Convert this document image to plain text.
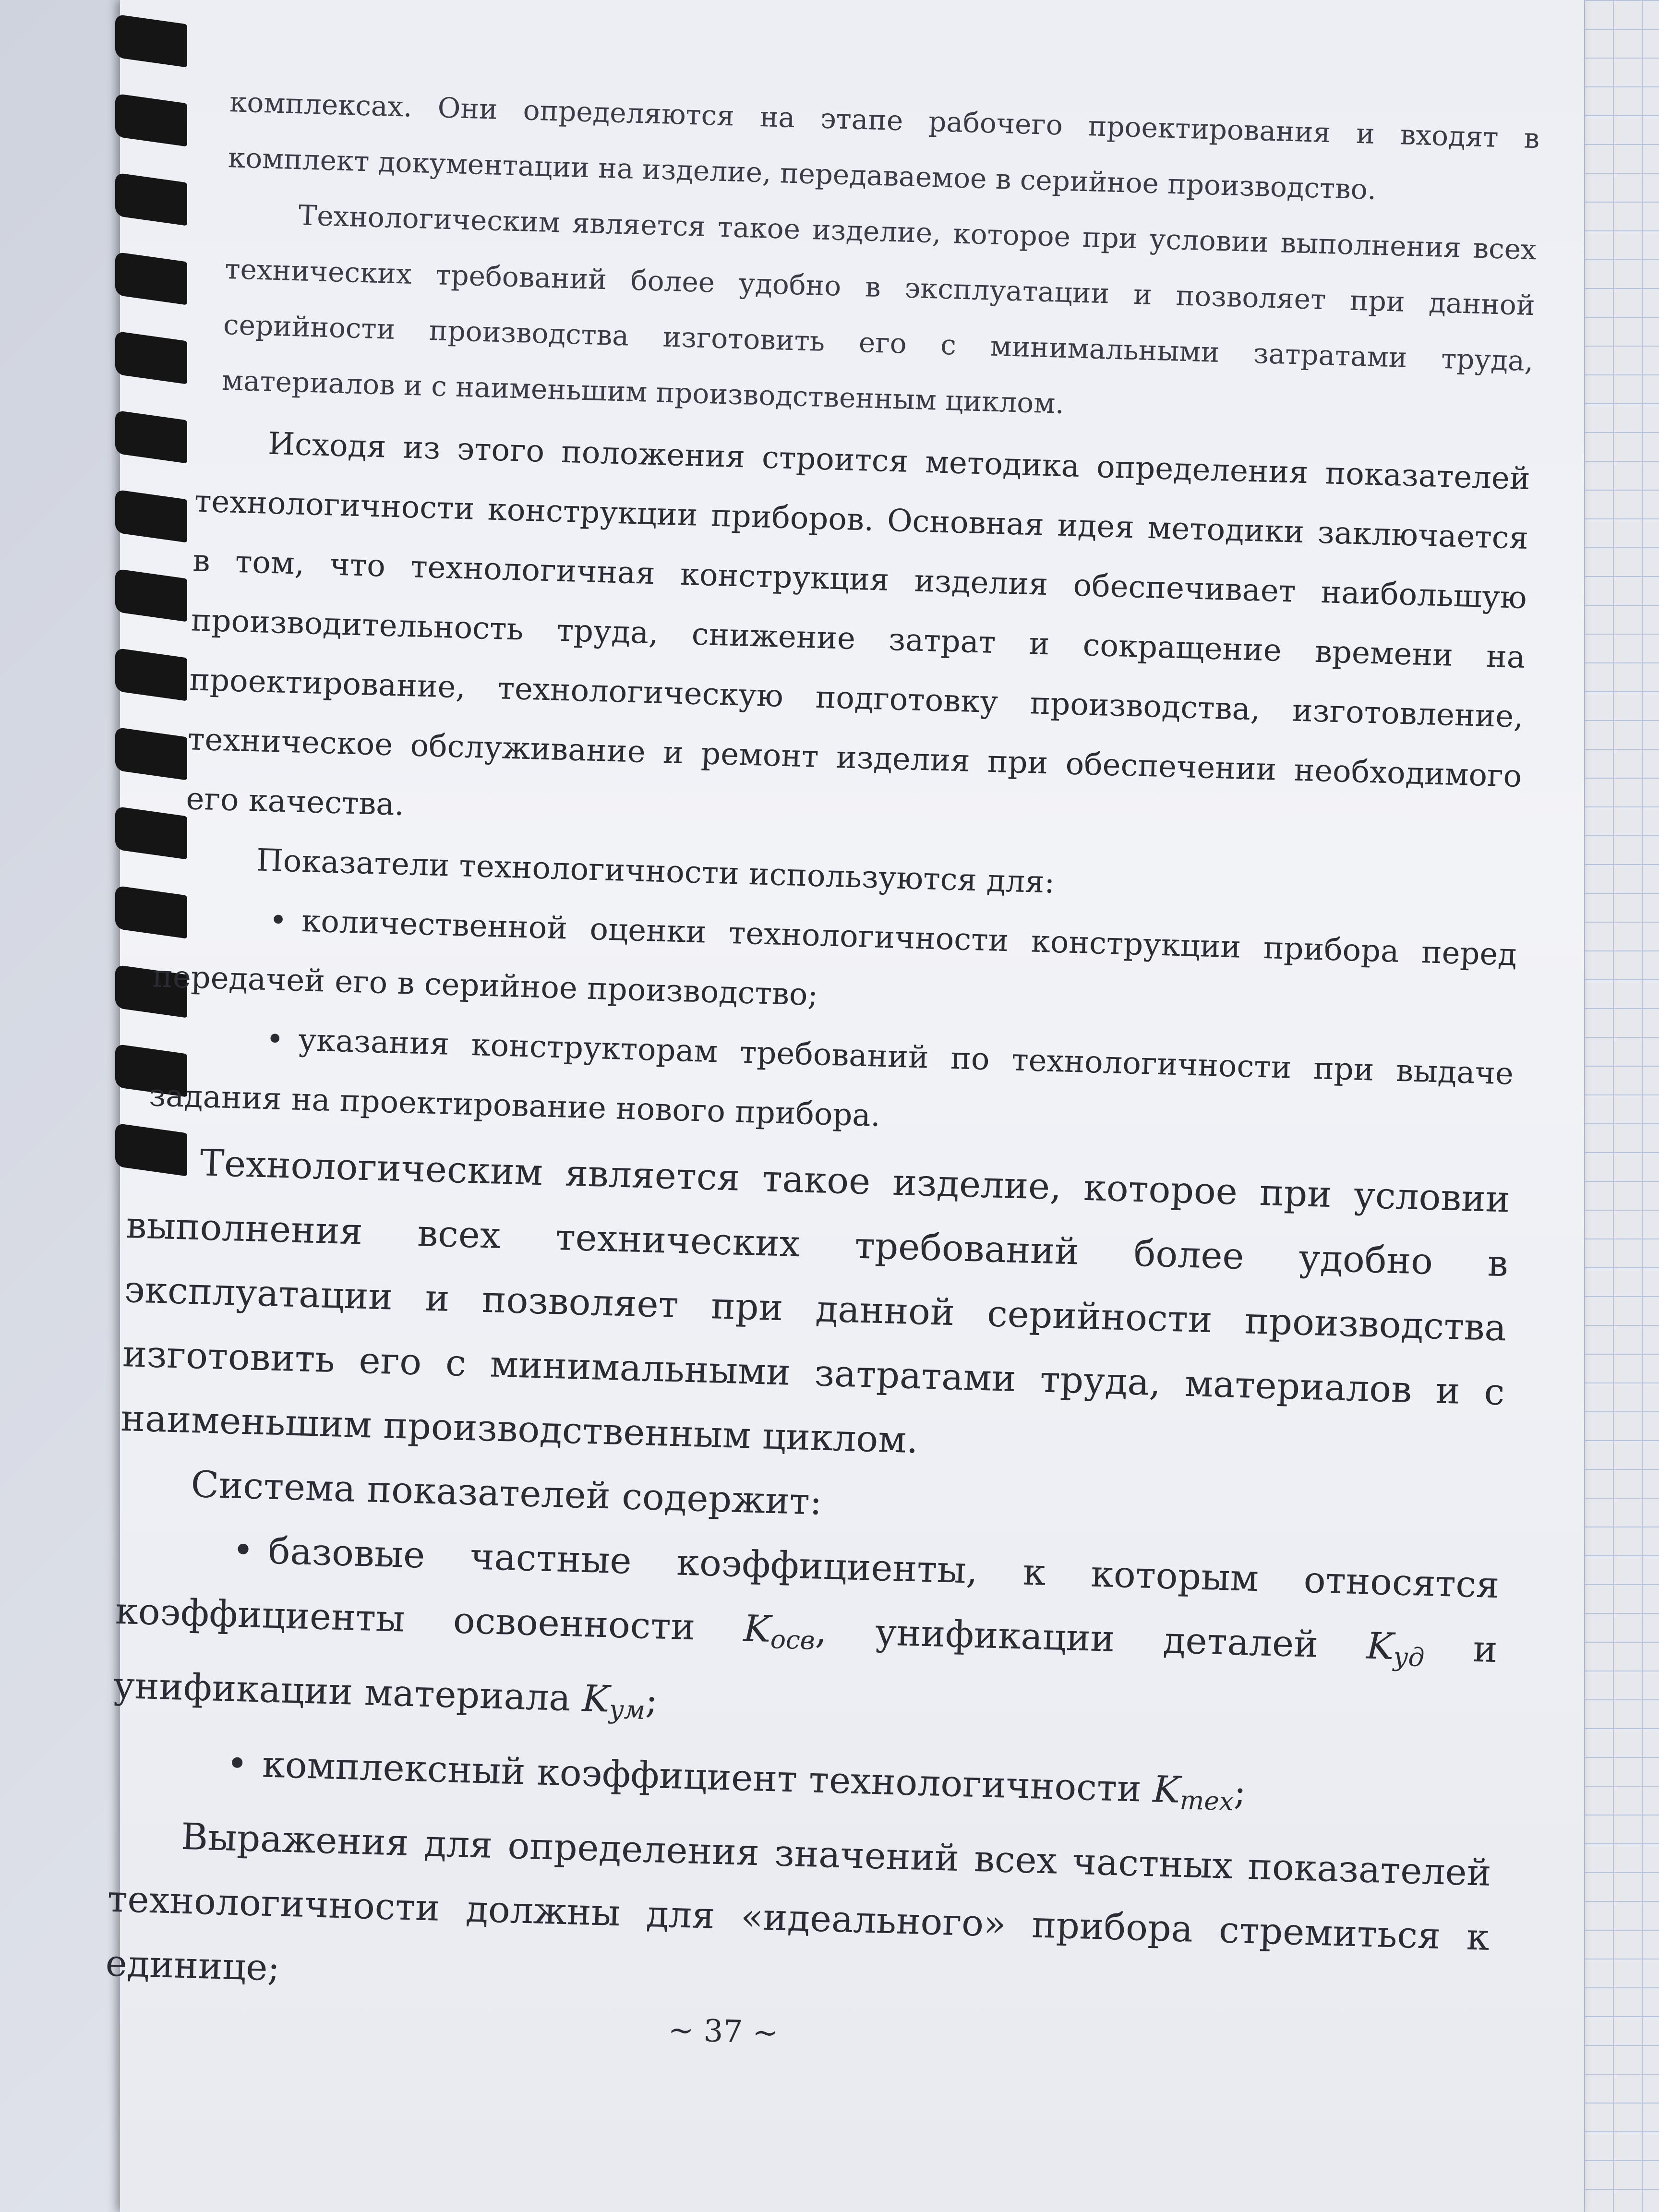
комплексах. Они определяются на этапе рабочего проектирования и входят в комплект документации на изделие, передаваемое в серийное производство.

Технологическим является такое изделие, которое при условии выполнения всех технических требований более удобно в эксплуатации и позволяет при данной серийности производства изготовить его с минимальными затратами труда, материалов и с наименьшим производственным циклом.

Исходя из этого положения строится методика определения показателей технологичности конструкции приборов. Основная идея методики заключается в том, что технологичная конструкция изделия обеспечивает наибольшую производительность труда, снижение затрат и сокращение времени на проектирование, технологическую подготовку производства, изготовление, техническое обслуживание и ремонт изделия при обеспечении необходимого его качества.

Показатели технологичности используются для:

• количественной оценки технологичности конструкции прибора перед передачей его в серийное производство;

• указания конструкторам требований по технологичности при выдаче задания на проектирование нового прибора.

Технологическим является такое изделие, которое при условии выполнения всех технических требований более удобно в эксплуатации и позволяет при данной серийности производства изготовить его с минимальными затратами труда, материалов и с наименьшим производственным циклом.

Система показателей содержит:

• базовые частные коэффициенты, к которым относятся коэффициенты освоенности Kосв, унификации деталей Kуд и унификации материала Kум;

• комплексный коэффициент технологичности Kтех;

Выражения для определения значений всех частных показателей технологичности должны для «идеального» прибора стремиться к единице;

~ 37 ~
